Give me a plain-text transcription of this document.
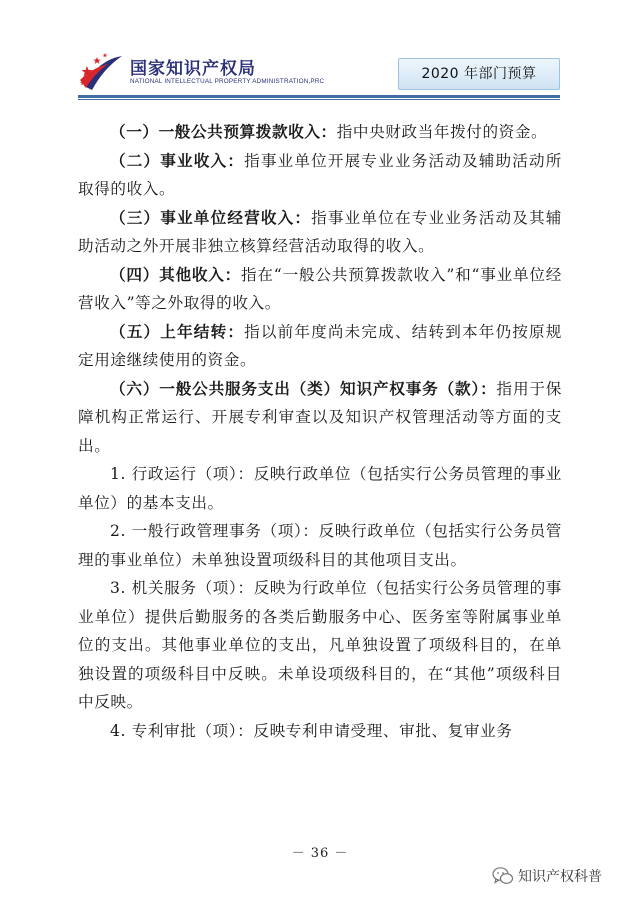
国家知识产权局
NATIONAL INTELLECTUAL PROPERTY ADMINISTRATION,PRC	2020 年部门预算

（一）一般公共预算拨款收入：指中央财政当年拨付的资金。

（二）事业收入：指事业单位开展专业业务活动及辅助活动所取得的收入。

（三）事业单位经营收入：指事业单位在专业业务活动及其辅助活动之外开展非独立核算经营活动取得的收入。

（四）其他收入：指在“一般公共预算拨款收入”和“事业单位经营收入”等之外取得的收入。

（五）上年结转：指以前年度尚未完成、结转到本年仍按原规定用途继续使用的资金。

（六）一般公共服务支出（类）知识产权事务（款）：指用于保障机构正常运行、开展专利审查以及知识产权管理活动等方面的支出。

1. 行政运行（项）：反映行政单位（包括实行公务员管理的事业单位）的基本支出。

2. 一般行政管理事务（项）：反映行政单位（包括实行公务员管理的事业单位）未单独设置项级科目的其他项目支出。

3. 机关服务（项）：反映为行政单位（包括实行公务员管理的事业单位）提供后勤服务的各类后勤服务中心、医务室等附属事业单位的支出。其他事业单位的支出，凡单独设置了项级科目的，在单独设置的项级科目中反映。未单设项级科目的，在“其他”项级科目中反映。

4. 专利审批（项）：反映专利申请受理、审批、复审业务

－ 36 －
知识产权科普
